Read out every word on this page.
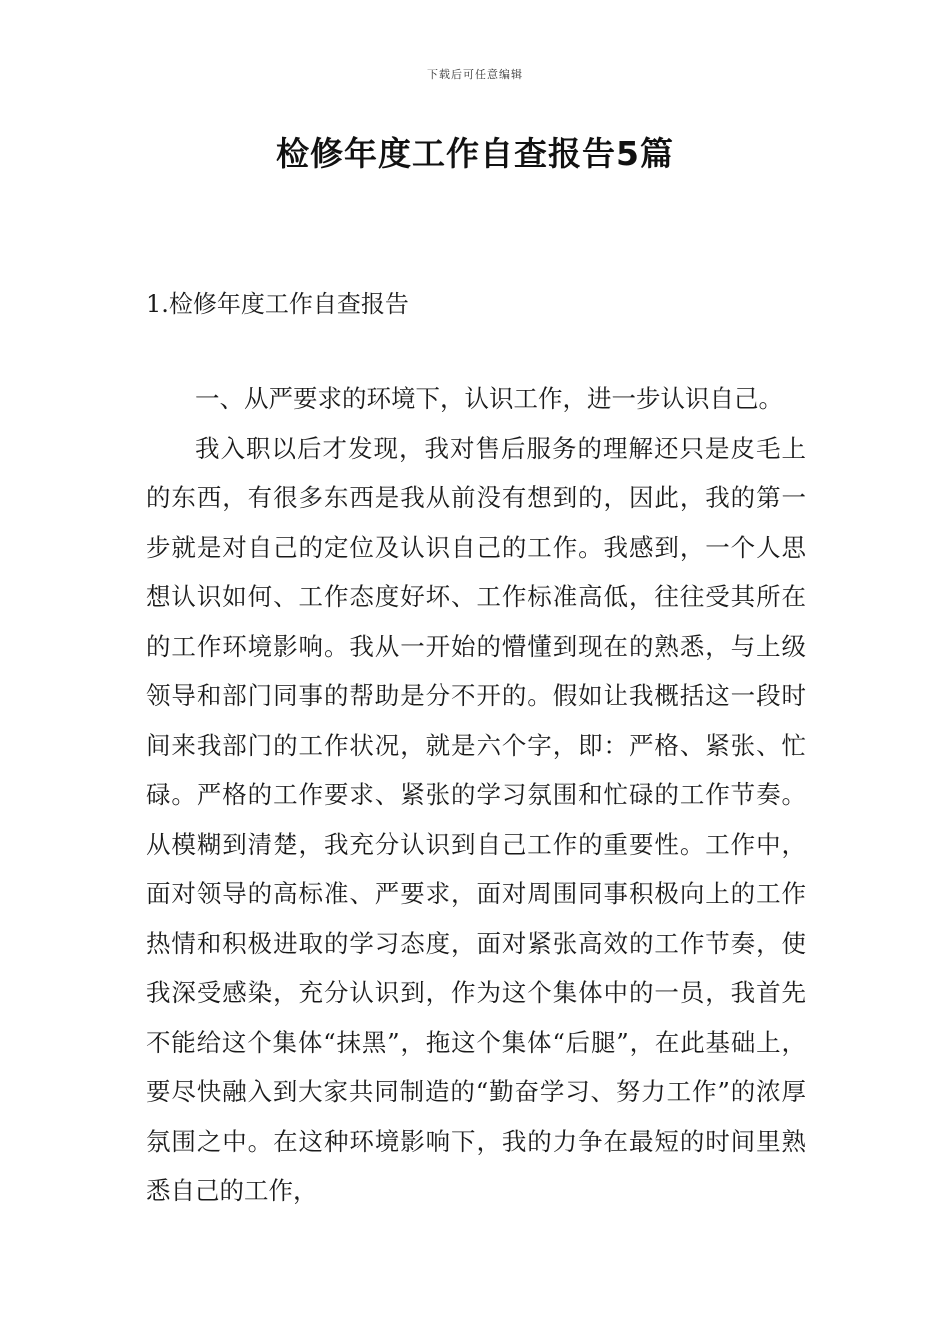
下载后可任意编辑
检修年度工作自查报告5篇
1.检修年度工作自查报告

一、从严要求的环境下，认识工作，进一步认识自己。

我入职以后才发现，我对售后服务的理解还只是皮毛上的东西，有很多东西是我从前没有想到的，因此，我的第一步就是对自己的定位及认识自己的工作。我感到，一个人思想认识如何、工作态度好坏、工作标准高低，往往受其所在的工作环境影响。我从一开始的懵懂到现在的熟悉，与上级领导和部门同事的帮助是分不开的。假如让我概括这一段时间来我部门的工作状况，就是六个字，即：严格、紧张、忙碌。严格的工作要求、紧张的学习氛围和忙碌的工作节奏。从模糊到清楚，我充分认识到自己工作的重要性。工作中，面对领导的高标准、严要求，面对周围同事积极向上的工作热情和积极进取的学习态度，面对紧张高效的工作节奏，使我深受感染，充分认识到，作为这个集体中的一员，我首先不能给这个集体“抹黑”，拖这个集体“后腿”，在此基础上，要尽快融入到大家共同制造的“勤奋学习、努力工作”的浓厚氛围之中。在这种环境影响下，我的力争在最短的时间里熟悉自己的工作，
